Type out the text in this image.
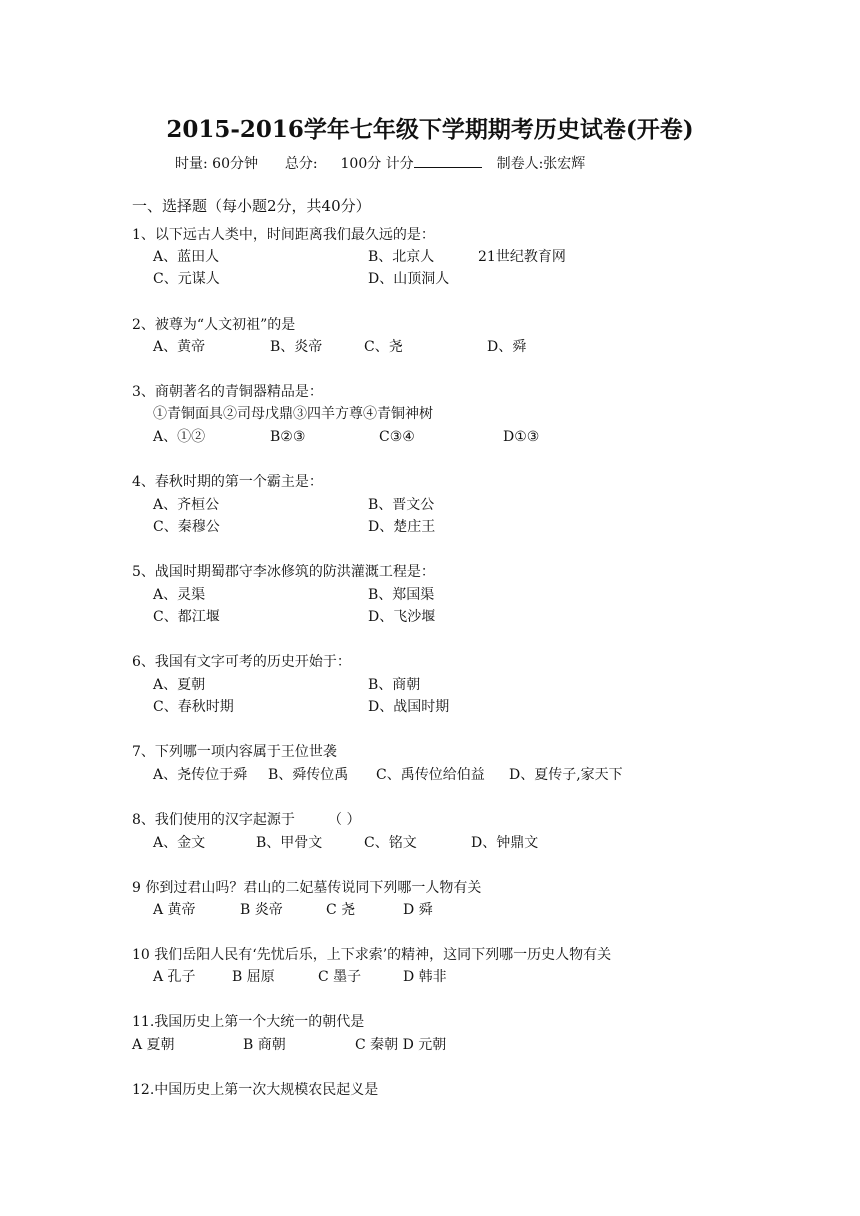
2015-2016学年七年级下学期期考历史试卷(开卷)
时量: 60分钟 总分: 100分 计分	制卷人:张宏辉
一、选择题（每小题2分，共40分）
1、以下远古人类中，时间距离我们最久远的是：
A、蓝田人	B、北京人	21世纪教育网
C、元谋人	D、山顶洞人
2、被尊为“人文初祖”的是
A、黄帝	B、炎帝	C、尧	D、舜
3、商朝著名的青铜器精品是：
①青铜面具②司母戊鼎③四羊方尊④青铜神树
A、①②	B②③	C③④	D①③
4、春秋时期的第一个霸主是：
A、齐桓公	B、晋文公
C、秦穆公	D、楚庄王
5、战国时期蜀郡守李冰修筑的防洪灌溉工程是：
A、灵渠	B、郑国渠
C、都江堰	D、飞沙堰
6、我国有文字可考的历史开始于：
A、夏朝	B、商朝
C、春秋时期	D、战国时期
7、下列哪一项内容属于王位世袭
A、尧传位于舜 B、舜传位禹 C、禹传位给伯益 D、夏传子,家天下
8、我们使用的汉字起源于 （ ）
A、金文	B、甲骨文	C、铭文	D、钟鼎文
9 你到过君山吗？君山的二妃墓传说同下列哪一人物有关
A 黄帝	B 炎帝	C 尧	D 舜
10 我们岳阳人民有‘先忧后乐，上下求索’的精神，这同下列哪一历史人物有关
A 孔子	B 屈原	C 墨子	D 韩非
11.我国历史上第一个大统一的朝代是
A 夏朝	B 商朝	C 秦朝 D 元朝
12.中国历史上第一次大规模农民起义是
